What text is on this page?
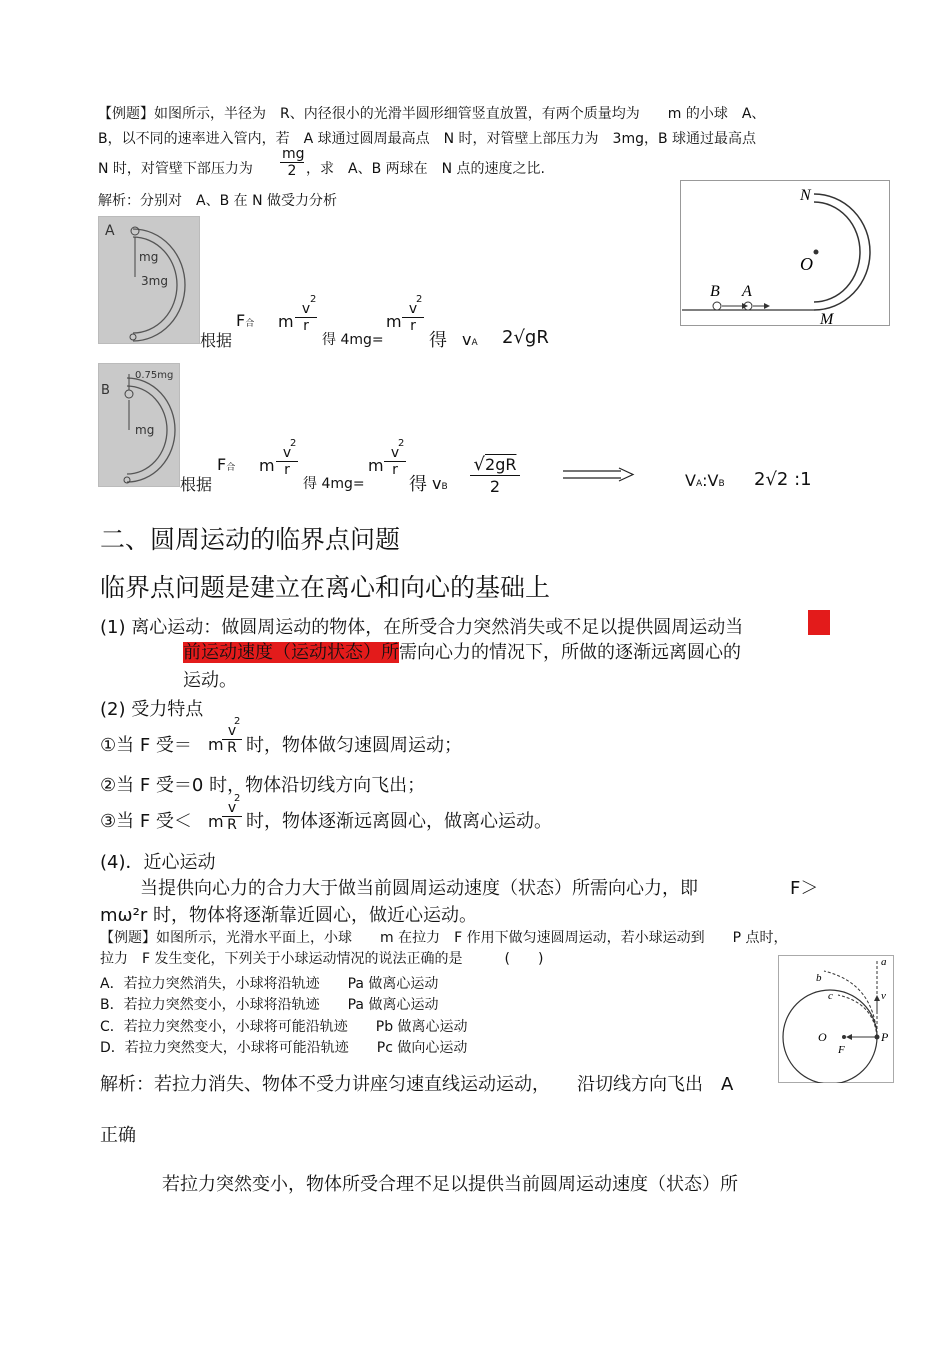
【例题】如图所示，半径为　R、内径很小的光滑半圆形细管竖直放置，有两个质量均为　　m 的小球　A、
B，以不同的速率进入管内，若　A 球通过圆周最高点　N 时，对管壁上部压力为　3mg，B 球通过最高点
N 时，对管壁下部压力为 $\frac{mg}{2}$ ，求　A、B 两球在　N 点的速度之比.
解析：分别对　A、B 在 N 做受力分析	N
O
B A
M
A
mg
3mg
根据
F合 m $\frac{v}{r}$
2
得 4mg=
m $\frac{v}{r}$
2
得 vA 2√gR
B
0.75mg
mg
根据
F合 m $\frac{v}{r}$
2
得 4mg=
m $\frac{v}{r}$
2
得 vB $\frac{√2gR}{2}$	VA:VB 2√2 :1
二、圆周运动的临界点问题
临界点问题是建立在离心和向心的基础上
(1) 离心运动：做圆周运动的物体，在所受合力突然消失或不足以提供圆周运动当
前运动速度（运动状态）所需向心力的情况下，所做的逐渐远离圆心的
运动。
(2) 受力特点
①当 F 受＝ m
$\frac{v}{R}$
2
时，物体做匀速圆周运动；
②当 F 受＝0 时，物体沿切线方向飞出；
③当 F 受＜ m
$\frac{v}{R}$
2
时，物体逐渐远离圆心，做离心运动。
(4)．近心运动
当提供向心力的合力大于做当前圆周运动速度（状态）所需向心力，即	F＞
mω²r 时，物体将逐渐靠近圆心，做近心运动。
【例题】如图所示，光滑水平面上，小球　　m 在拉力　F 作用下做匀速圆周运动，若小球运动到　　P 点时，
拉力　F 发生变化，下列关于小球运动情况的说法正确的是　　　(　　)
A．若拉力突然消失，小球将沿轨迹　　Pa 做离心运动
B．若拉力突然变小，小球将沿轨迹　　Pa 做离心运动
C．若拉力突然变小，小球将可能沿轨迹　　Pb 做离心运动
D．若拉力突然变大，小球将可能沿轨迹　　Pc 做向心运动
a
b
c	v
O
F
P
解析：若拉力消失、物体不受力讲座匀速直线运动运动，　　沿切线方向飞出　A
正确
若拉力突然变小，物体所受合理不足以提供当前圆周运动速度（状态）所
